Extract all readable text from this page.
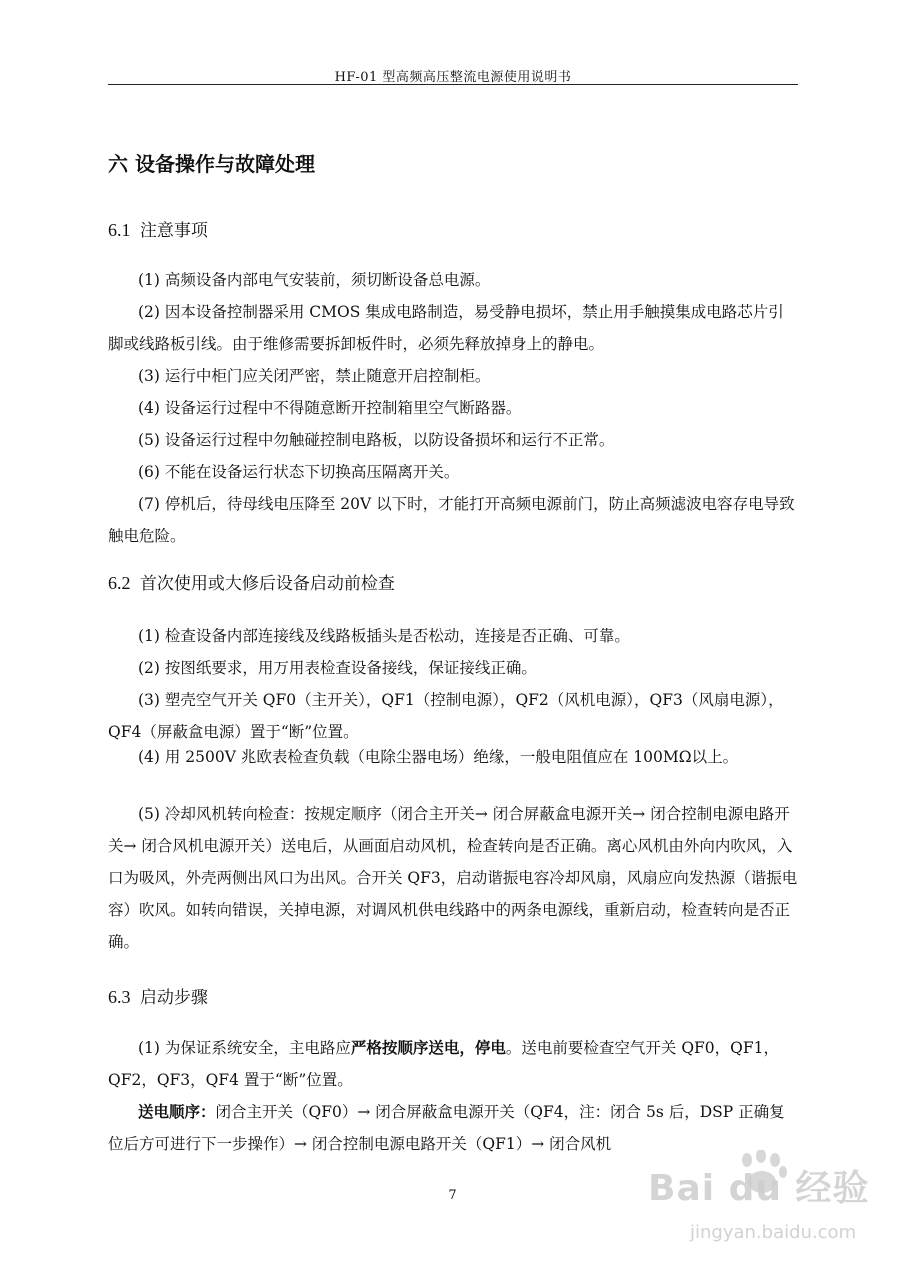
HF-01 型高频高压整流电源使用说明书
六 设备操作与故障处理
6.1 注意事项
(1) 高频设备内部电气安装前，须切断设备总电源。
(2) 因本设备控制器采用 CMOS 集成电路制造，易受静电损坏，禁止用手触摸集成电路芯片引脚或线路板引线。由于维修需要拆卸板件时，必须先释放掉身上的静电。
(3) 运行中柜门应关闭严密，禁止随意开启控制柜。
(4) 设备运行过程中不得随意断开控制箱里空气断路器。
(5) 设备运行过程中勿触碰控制电路板，以防设备损坏和运行不正常。
(6) 不能在设备运行状态下切换高压隔离开关。
(7) 停机后，待母线电压降至 20V 以下时，才能打开高频电源前门，防止高频滤波电容存电导致触电危险。
6.2 首次使用或大修后设备启动前检查
(1) 检查设备内部连接线及线路板插头是否松动，连接是否正确、可靠。
(2) 按图纸要求，用万用表检查设备接线，保证接线正确。
(3) 塑壳空气开关 QF0（主开关），QF1（控制电源），QF2（风机电源），QF3（风扇电源），QF4（屏蔽盒电源）置于“断”位置。
(4) 用 2500V 兆欧表检查负载（电除尘器电场）绝缘，一般电阻值应在 100MΩ以上。
(5) 冷却风机转向检查：按规定顺序（闭合主开关→ 闭合屏蔽盒电源开关→ 闭合控制电源电路开关→ 闭合风机电源开关）送电后，从画面启动风机，检查转向是否正确。离心风机由外向内吹风，入口为吸风，外壳两侧出风口为出风。合开关 QF3，启动谐振电容冷却风扇，风扇应向发热源（谐振电容）吹风。如转向错误，关掉电源，对调风机供电线路中的两条电源线，重新启动，检查转向是否正确。
6.3 启动步骤
(1) 为保证系统安全，主电路应严格按顺序送电，停电。送电前要检查空气开关 QF0，QF1，QF2，QF3，QF4 置于“断”位置。
送电顺序：闭合主开关（QF0）→ 闭合屏蔽盒电源开关（QF4，注：闭合 5s 后，DSP 正确复位后方可进行下一步操作）→ 闭合控制电源电路开关（QF1）→ 闭合风机
7	Bai du 经验
jingyan.baidu.com
